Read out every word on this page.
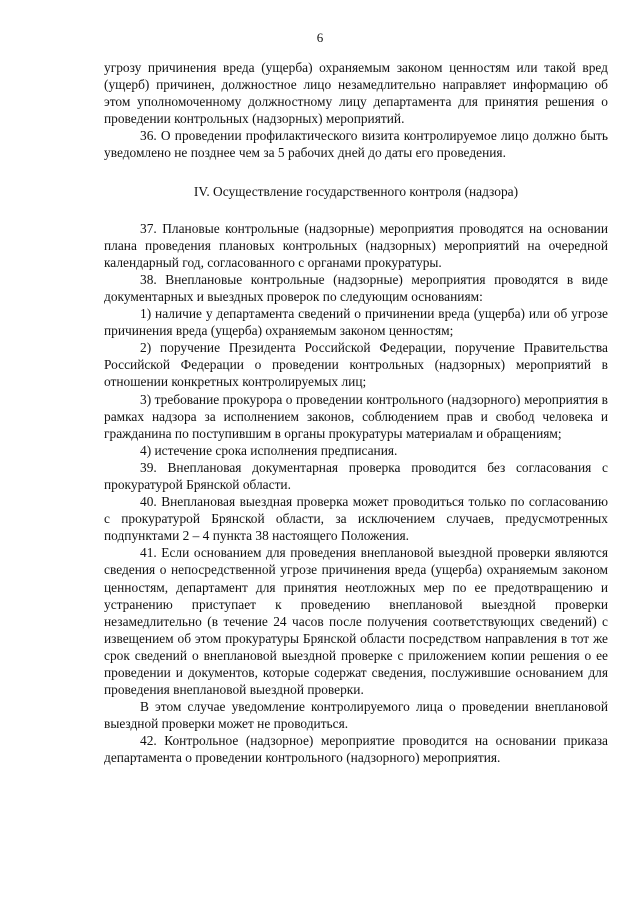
6

угрозу причинения вреда (ущерба) охраняемым законом ценностям или такой вред (ущерб) причинен, должностное лицо незамедлительно направляет информацию об этом уполномоченному должностному лицу департамента для принятия решения о проведении контрольных (надзорных) мероприятий.

36. О проведении профилактического визита контролируемое лицо должно быть уведомлено не позднее чем за 5 рабочих дней до даты его проведения.

IV. Осуществление государственного контроля (надзора)

37. Плановые контрольные (надзорные) мероприятия проводятся на основании плана проведения плановых контрольных (надзорных) мероприятий на очередной календарный год, согласованного с органами прокуратуры.

38. Внеплановые контрольные (надзорные) мероприятия проводятся в виде документарных и выездных проверок по следующим основаниям:

1) наличие у департамента сведений о причинении вреда (ущерба) или об угрозе причинения вреда (ущерба) охраняемым законом ценностям;

2) поручение Президента Российской Федерации, поручение Правительства Российской Федерации о проведении контрольных (надзорных) мероприятий в отношении конкретных контролируемых лиц;

3) требование прокурора о проведении контрольного (надзорного) мероприятия в рамках надзора за исполнением законов, соблюдением прав и свобод человека и гражданина по поступившим в органы прокуратуры материалам и обращениям;

4) истечение срока исполнения предписания.

39. Внеплановая документарная проверка проводится без согласования с прокуратурой Брянской области.

40. Внеплановая выездная проверка может проводиться только по согласованию с прокуратурой Брянской области, за исключением случаев, предусмотренных подпунктами 2 – 4 пункта 38 настоящего Положения.

41. Если основанием для проведения внеплановой выездной проверки являются сведения о непосредственной угрозе причинения вреда (ущерба) охраняемым законом ценностям, департамент для принятия неотложных мер по ее предотвращению и устранению приступает к проведению внеплановой выездной проверки незамедлительно (в течение 24 часов после получения соответствующих сведений) с извещением об этом прокуратуры Брянской области посредством направления в тот же срок сведений о внеплановой выездной проверке с приложением копии решения о ее проведении и документов, которые содержат сведения, послужившие основанием для проведения внеплановой выездной проверки.

В этом случае уведомление контролируемого лица о проведении внеплановой выездной проверки может не проводиться.

42. Контрольное (надзорное) мероприятие проводится на основании приказа департамента о проведении контрольного (надзорного) мероприятия.
